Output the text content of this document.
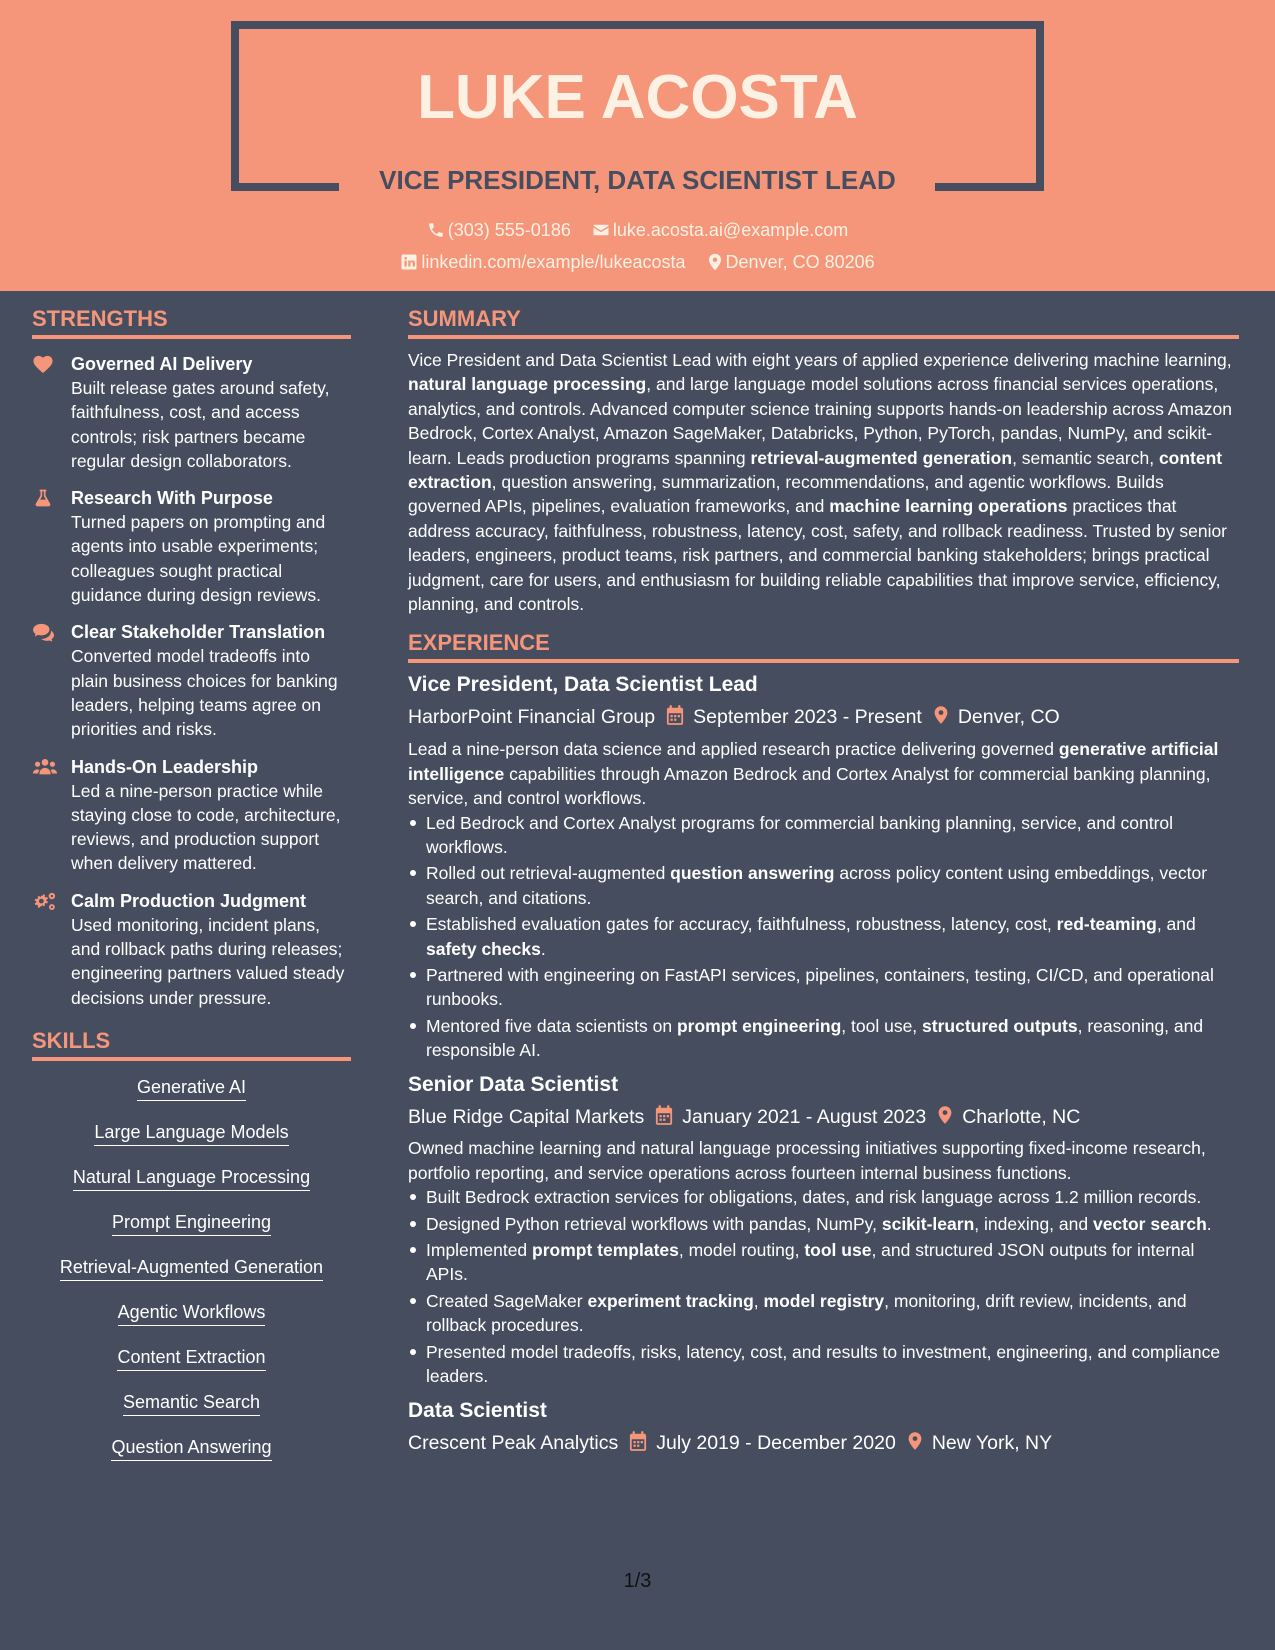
LUKE ACOSTA
VICE PRESIDENT, DATA SCIENTIST LEAD
(303) 555-0186 luke.acosta.ai@example.com
linkedin.com/example/lukeacosta Denver, CO 80206
STRENGTHS
Governed AI Delivery
Built release gates around safety, faithfulness, cost, and access controls; risk partners became regular design collaborators.
Research With Purpose
Turned papers on prompting and agents into usable experiments; colleagues sought practical guidance during design reviews.
Clear Stakeholder Translation
Converted model tradeoffs into plain business choices for banking leaders, helping teams agree on priorities and risks.
Hands-On Leadership
Led a nine-person practice while staying close to code, architecture, reviews, and production support when delivery mattered.
Calm Production Judgment
Used monitoring, incident plans, and rollback paths during releases; engineering partners valued steady decisions under pressure.
SKILLS
Generative AI
Large Language Models
Natural Language Processing
Prompt Engineering
Retrieval-Augmented Generation
Agentic Workflows
Content Extraction
Semantic Search
Question Answering
SUMMARY

Vice President and Data Scientist Lead with eight years of applied experience delivering machine learning, natural language processing, and large language model solutions across financial services operations, analytics, and controls. Advanced computer science training supports hands-on leadership across Amazon Bedrock, Cortex Analyst, Amazon SageMaker, Databricks, Python, PyTorch, pandas, NumPy, and scikit-learn. Leads production programs spanning retrieval-augmented generation, semantic search, content extraction, question answering, summarization, recommendations, and agentic workflows. Builds governed APIs, pipelines, evaluation frameworks, and machine learning operations practices that address accuracy, faithfulness, robustness, latency, cost, safety, and rollback readiness. Trusted by senior leaders, engineers, product teams, risk partners, and commercial banking stakeholders; brings practical judgment, care for users, and enthusiasm for building reliable capabilities that improve service, efficiency, planning, and controls.

EXPERIENCE
Vice President, Data Scientist Lead
HarborPoint Financial Group September 2023 - Present Denver, CO

Lead a nine-person data science and applied research practice delivering governed generative artificial intelligence capabilities through Amazon Bedrock and Cortex Analyst for commercial banking planning, service, and control workflows.

Led Bedrock and Cortex Analyst programs for commercial banking planning, service, and control workflows.
Rolled out retrieval-augmented question answering across policy content using embeddings, vector search, and citations.
Established evaluation gates for accuracy, faithfulness, robustness, latency, cost, red-teaming, and safety checks.
Partnered with engineering on FastAPI services, pipelines, containers, testing, CI/CD, and operational runbooks.
Mentored five data scientists on prompt engineering, tool use, structured outputs, reasoning, and responsible AI.
Senior Data Scientist
Blue Ridge Capital Markets January 2021 - August 2023 Charlotte, NC

Owned machine learning and natural language processing initiatives supporting fixed-income research, portfolio reporting, and service operations across fourteen internal business functions.

Built Bedrock extraction services for obligations, dates, and risk language across 1.2 million records.
Designed Python retrieval workflows with pandas, NumPy, scikit-learn, indexing, and vector search.
Implemented prompt templates, model routing, tool use, and structured JSON outputs for internal APIs.
Created SageMaker experiment tracking, model registry, monitoring, drift review, incidents, and rollback procedures.
Presented model tradeoffs, risks, latency, cost, and results to investment, engineering, and compliance leaders.
Data Scientist
Crescent Peak Analytics July 2019 - December 2020 New York, NY
1/3
